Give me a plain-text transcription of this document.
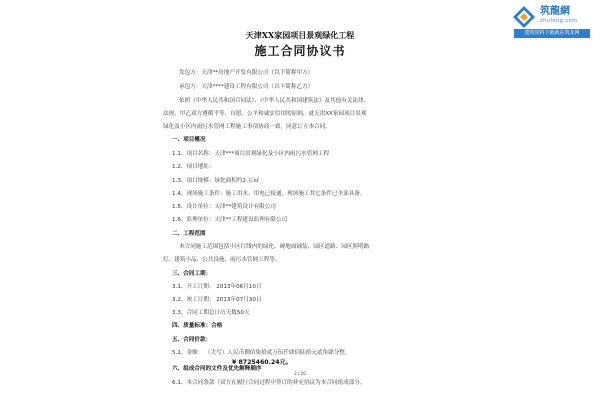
筑龍網
zhulong.com
建筑资料下载就在筑龙网
天津XX家园项目景观绿化工程
施工合同协议书
发包方：天津**房地产开发有限公司（以下简称甲方）
承包方：天津****建设工程有限公司（以下简称乙方）
依照《中华人民共和国合同法》、《中华人民共和国建筑法》及其他有关法律、
法规，甲乙双方遵循平等、自愿、公平和诚实信用的原则，就天津XX家园项目景观
绿化及小区内雨污水管网工程施工事项协商一致，同意订立本合同。
一、项目概况
1.1、项目名称：天津***项目景观绿化及小区内雨污水管网工程
1.2、项目地址：
1.3、项目规模：绿化面积约2.万㎡
1.4、现场施工条件：施工用水、用电已接通，现场施工其它条件已全部具备。
1.5、设计单位：天津**建筑设计有限公司
1.6、监理单位：天津**工程建设监理有限公司
二、工程范围
本合同施工范围包括小区红线内的绿化、硬地面铺装、园区道路、园区照明路
灯、建筑小品、公共设施、雨污水管网工程等。
三、合同工期：
3.1、开工日期： 2013年06月10日
3.2、竣工日期： 2013年07月30日
3.3、合同工期总日历天数50天
四、质量标准：合格
五、合同价款：
5.1、金额： （大写）人民币捌佰柒拾贰万伍仟肆佰陆拾元贰角肆分整。
¥ 8725460.24元。
六、组成合同的文件及优先解释顺序
6.1、本合同条款（双方在履行合同过程中签订的补充协议为本合同组成部分。
2 / 20
